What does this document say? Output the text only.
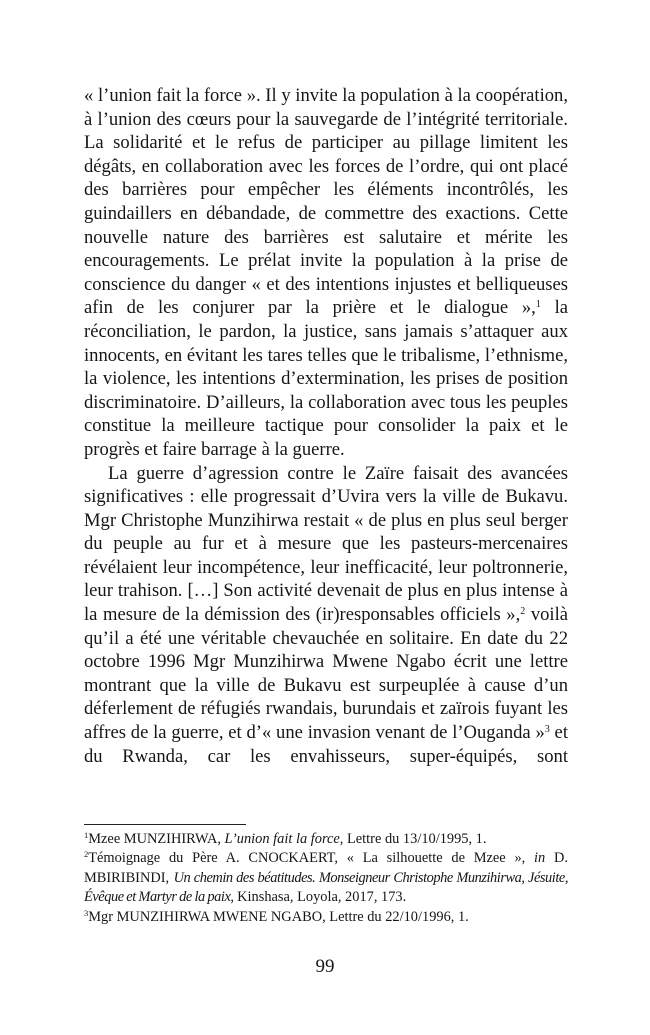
« l’union fait la force ». Il y invite la population à la coopération, à l’union des cœurs pour la sauvegarde de l’intégrité territoriale. La solidarité et le refus de participer au pillage limitent les dégâts, en collaboration avec les forces de l’ordre, qui ont placé des barrières pour empêcher les éléments incontrôlés, les guindaillers en débandade, de commettre des exactions. Cette nouvelle nature des barrières est salutaire et mérite les encouragements. Le prélat invite la population à la prise de conscience du danger « et des intentions injustes et belliqueuses afin de les conjurer par la prière et le dialogue »,$^1$ la réconciliation, le pardon, la justice, sans jamais s’attaquer aux innocents, en évitant les tares telles que le tribalisme, l’ethnisme, la violence, les intentions d’extermination, les prises de position discriminatoire. D’ailleurs, la collaboration avec tous les peuples constitue la meilleure tactique pour consolider la paix et le progrès et faire barrage à la guerre.

La guerre d’agression contre le Zaïre faisait des avancées significatives : elle progressait d’Uvira vers la ville de Bukavu. Mgr Christophe Munzihirwa restait « de plus en plus seul berger du peuple au fur et à mesure que les pasteurs-mercenaires révélaient leur incompétence, leur inefficacité, leur poltronnerie, leur trahison. […] Son activité devenait de plus en plus intense à la mesure de la démission des (ir)responsables officiels »,$^2$ voilà qu’il a été une véritable chevauchée en solitaire. En date du 22 octobre 1996 Mgr Munzihirwa Mwene Ngabo écrit une lettre montrant que la ville de Bukavu est surpeuplée à cause d’un déferlement de réfugiés rwandais, burundais et zaïrois fuyant les affres de la guerre, et d’« une invasion venant de l’Ouganda »$^3$ et du Rwanda, car les envahisseurs, super-équipés, sont

$^1$Mzee MUNZIHIRWA, L’union fait la force, Lettre du 13/10/1995, 1.

$^2$Témoignage du Père A. CNOCKAERT, « La silhouette de Mzee », in D. MBIRIBINDI, Un chemin des béatitudes. Monseigneur Christophe Munzihirwa, Jésuite, Évêque et Martyr de la paix, Kinshasa, Loyola, 2017, 173.

$^3$Mgr MUNZIHIRWA MWENE NGABO, Lettre du 22/10/1996, 1.

99
